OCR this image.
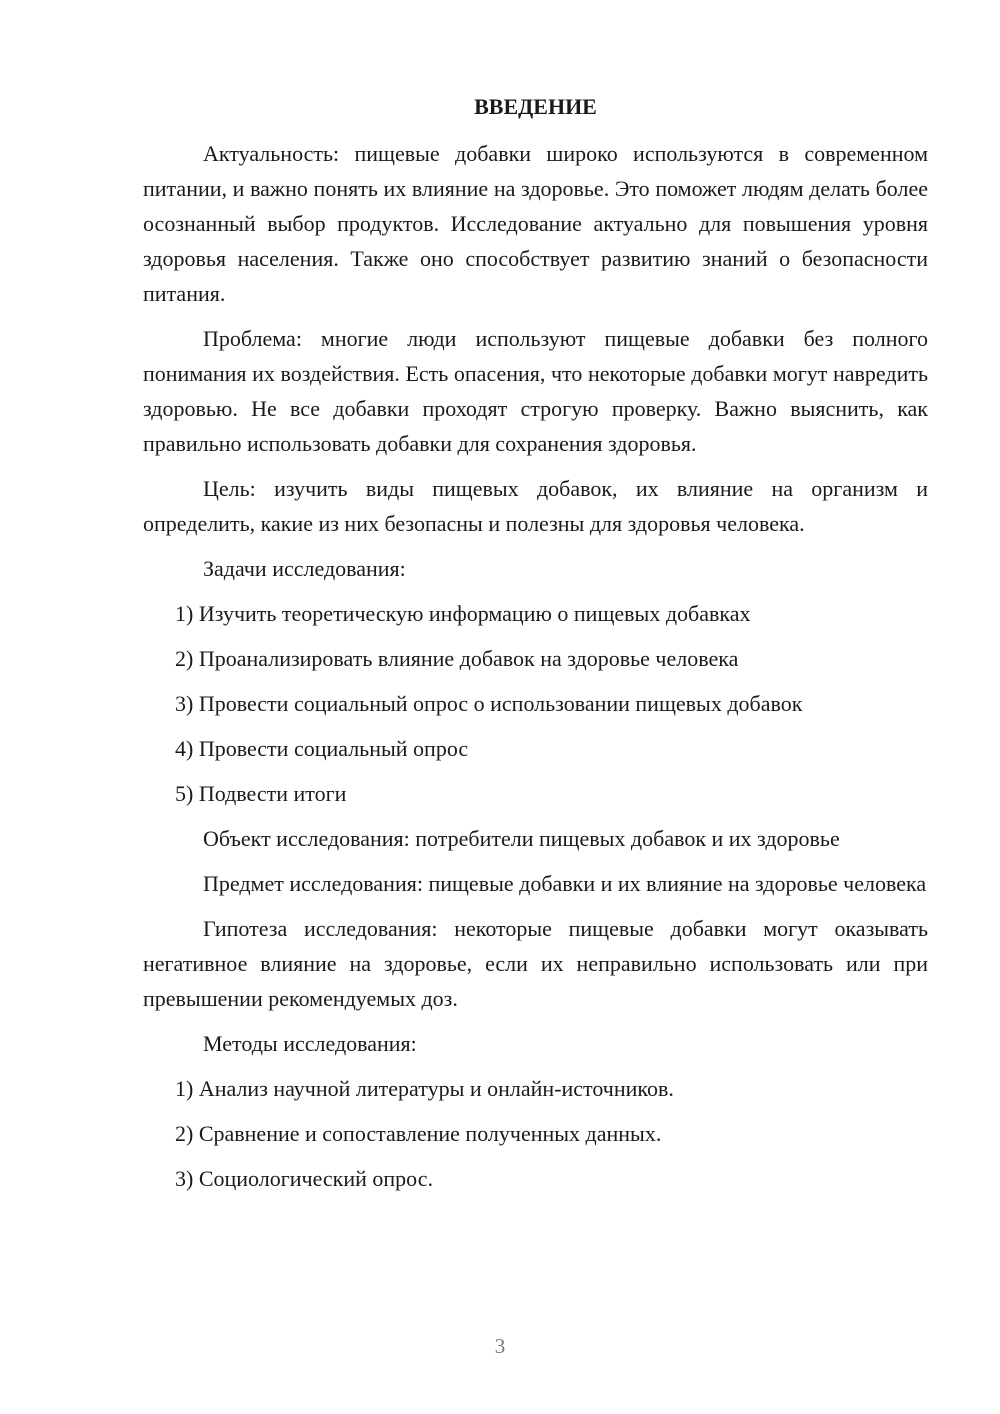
ВВЕДЕНИЕ

Актуальность: пищевые добавки широко используются в современном питании, и важно понять их влияние на здоровье. Это поможет людям делать более осознанный выбор продуктов. Исследование актуально для повышения уровня здоровья населения. Также оно способствует развитию знаний о безопасности питания.

Проблема: многие люди используют пищевые добавки без полного понимания их воздействия. Есть опасения, что некоторые добавки могут навредить здоровью. Не все добавки проходят строгую проверку. Важно выяснить, как правильно использовать добавки для сохранения здоровья.

Цель: изучить виды пищевых добавок, их влияние на организм и определить, какие из них безопасны и полезны для здоровья человека.

Задачи исследования:

1) Изучить теоретическую информацию о пищевых добавках

2) Проанализировать влияние добавок на здоровье человека

3) Провести социальный опрос о использовании пищевых добавок

4) Провести социальный опрос

5) Подвести итоги

Объект исследования: потребители пищевых добавок и их здоровье

Предмет исследования: пищевые добавки и их влияние на здоровье человека

Гипотеза исследования: некоторые пищевые добавки могут оказывать негативное влияние на здоровье, если их неправильно использовать или при превышении рекомендуемых доз.

Методы исследования:

1) Анализ научной литературы и онлайн-источников.

2) Сравнение и сопоставление полученных данных.

3) Социологический опрос.

3
